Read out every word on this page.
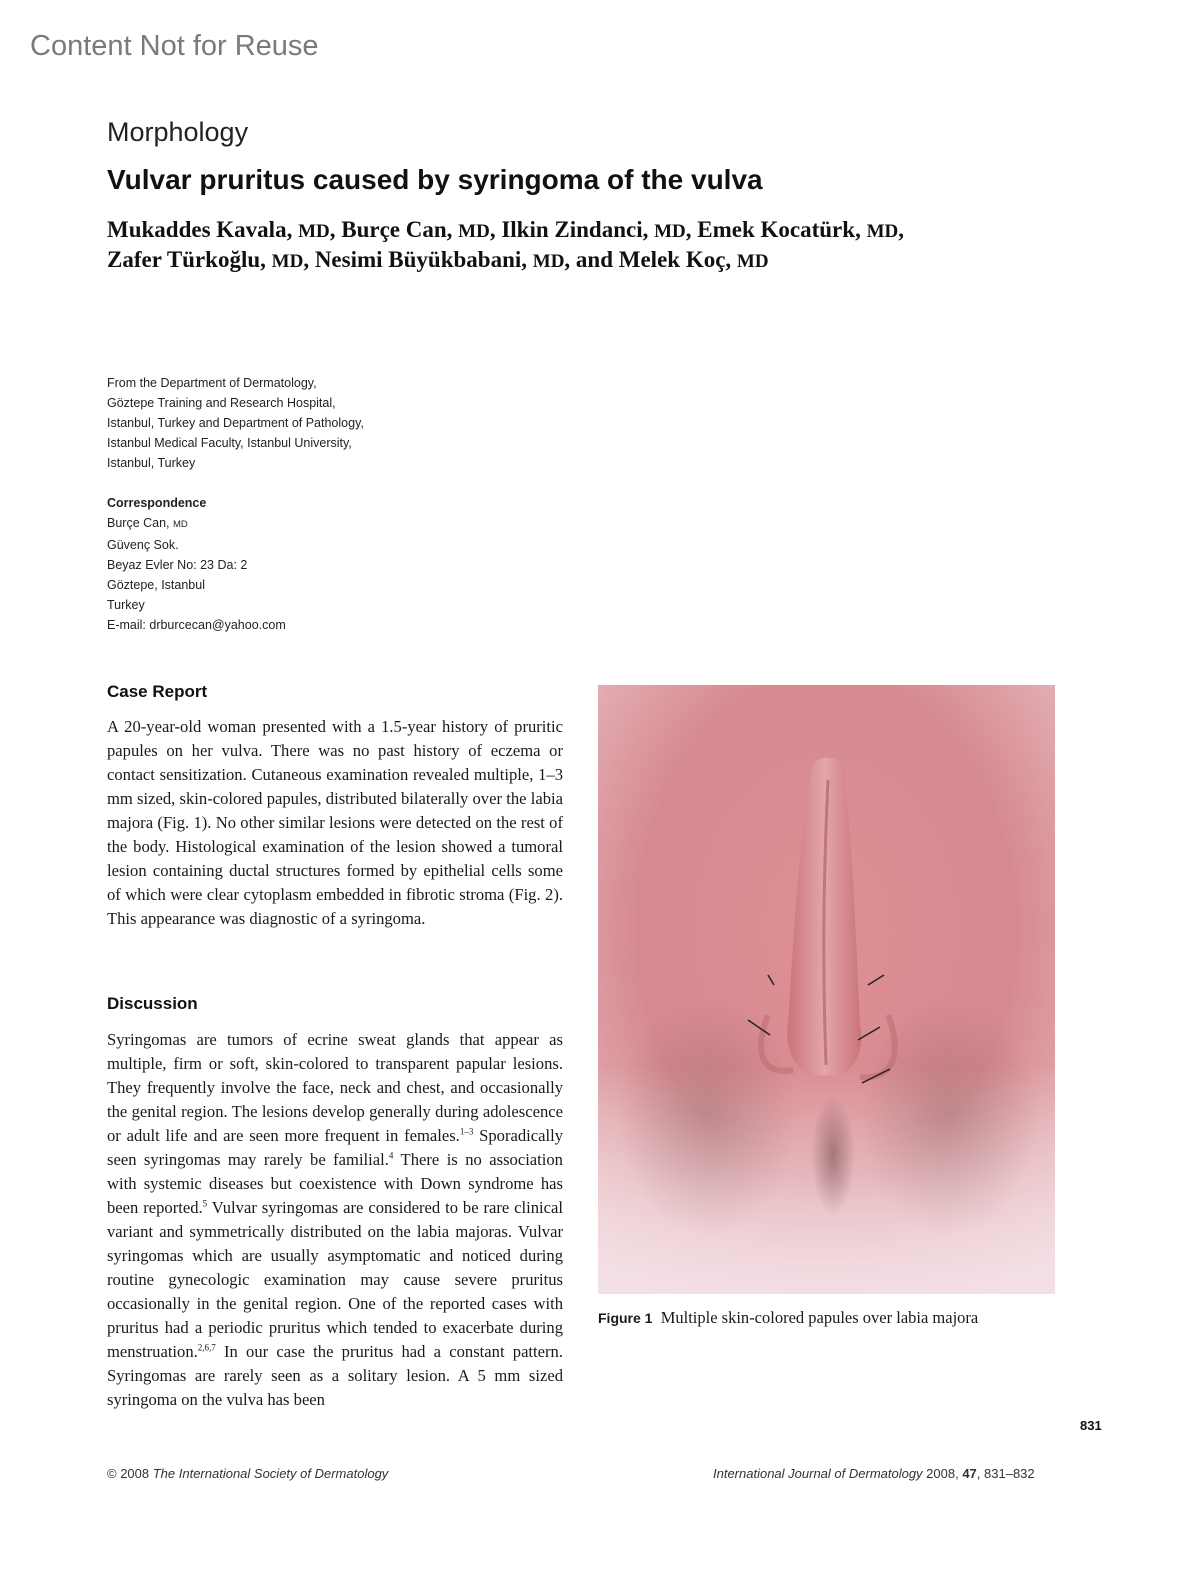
Content Not for Reuse
Morphology
Vulvar pruritus caused by syringoma of the vulva

Mukaddes Kavala, MD, Burçe Can, MD, Ilkin Zindanci, MD, Emek Kocatürk, MD,
Zafer Türkoğlu, MD, Nesimi Büyükbabani, MD, and Melek Koç, MD

From the Department of Dermatology,
Göztepe Training and Research Hospital,
Istanbul, Turkey and Department of Pathology,
Istanbul Medical Faculty, Istanbul University,
Istanbul, Turkey
Correspondence
Burçe Can, MD
Güvenç Sok.
Beyaz Evler No: 23 Da: 2
Göztepe, Istanbul
Turkey
E-mail: drburcecan@yahoo.com
Case Report

A 20-year-old woman presented with a 1.5-year history of pruritic papules on her vulva. There was no past history of eczema or contact sensitization. Cutaneous examination revealed multiple, 1–3 mm sized, skin-colored papules, distributed bilaterally over the labia majora (Fig. 1). No other similar lesions were detected on the rest of the body. Histological examination of the lesion showed a tumoral lesion containing ductal structures formed by epithelial cells some of which were clear cytoplasm embedded in fibrotic stroma (Fig. 2). This appearance was diagnostic of a syringoma.

Discussion

Syringomas are tumors of ecrine sweat glands that appear as multiple, firm or soft, skin-colored to transparent papular lesions. They frequently involve the face, neck and chest, and occasionally the genital region. The lesions develop generally during adolescence or adult life and are seen more frequent in females.$^{1-3}$ Sporadically seen syringomas may rarely be familial.$^4$ There is no association with systemic diseases but coexistence with Down syndrome has been reported.$^5$ Vulvar syringomas are considered to be rare clinical variant and symmetrically distributed on the labia majoras. Vulvar syringomas which are usually asymptomatic and noticed during routine gynecologic examination may cause severe pruritus occasionally in the genital region. One of the reported cases with pruritus had a periodic pruritus which tended to exacerbate during menstruation.$^{2,6,7}$ In our case the pruritus had a constant pattern. Syringomas are rarely seen as a solitary lesion. A 5 mm sized syringoma on the vulva has been

Figure 1 Multiple skin-colored papules over labia majora

831
© 2008 The International Society of Dermatology	International Journal of Dermatology 2008, 47, 831–832
